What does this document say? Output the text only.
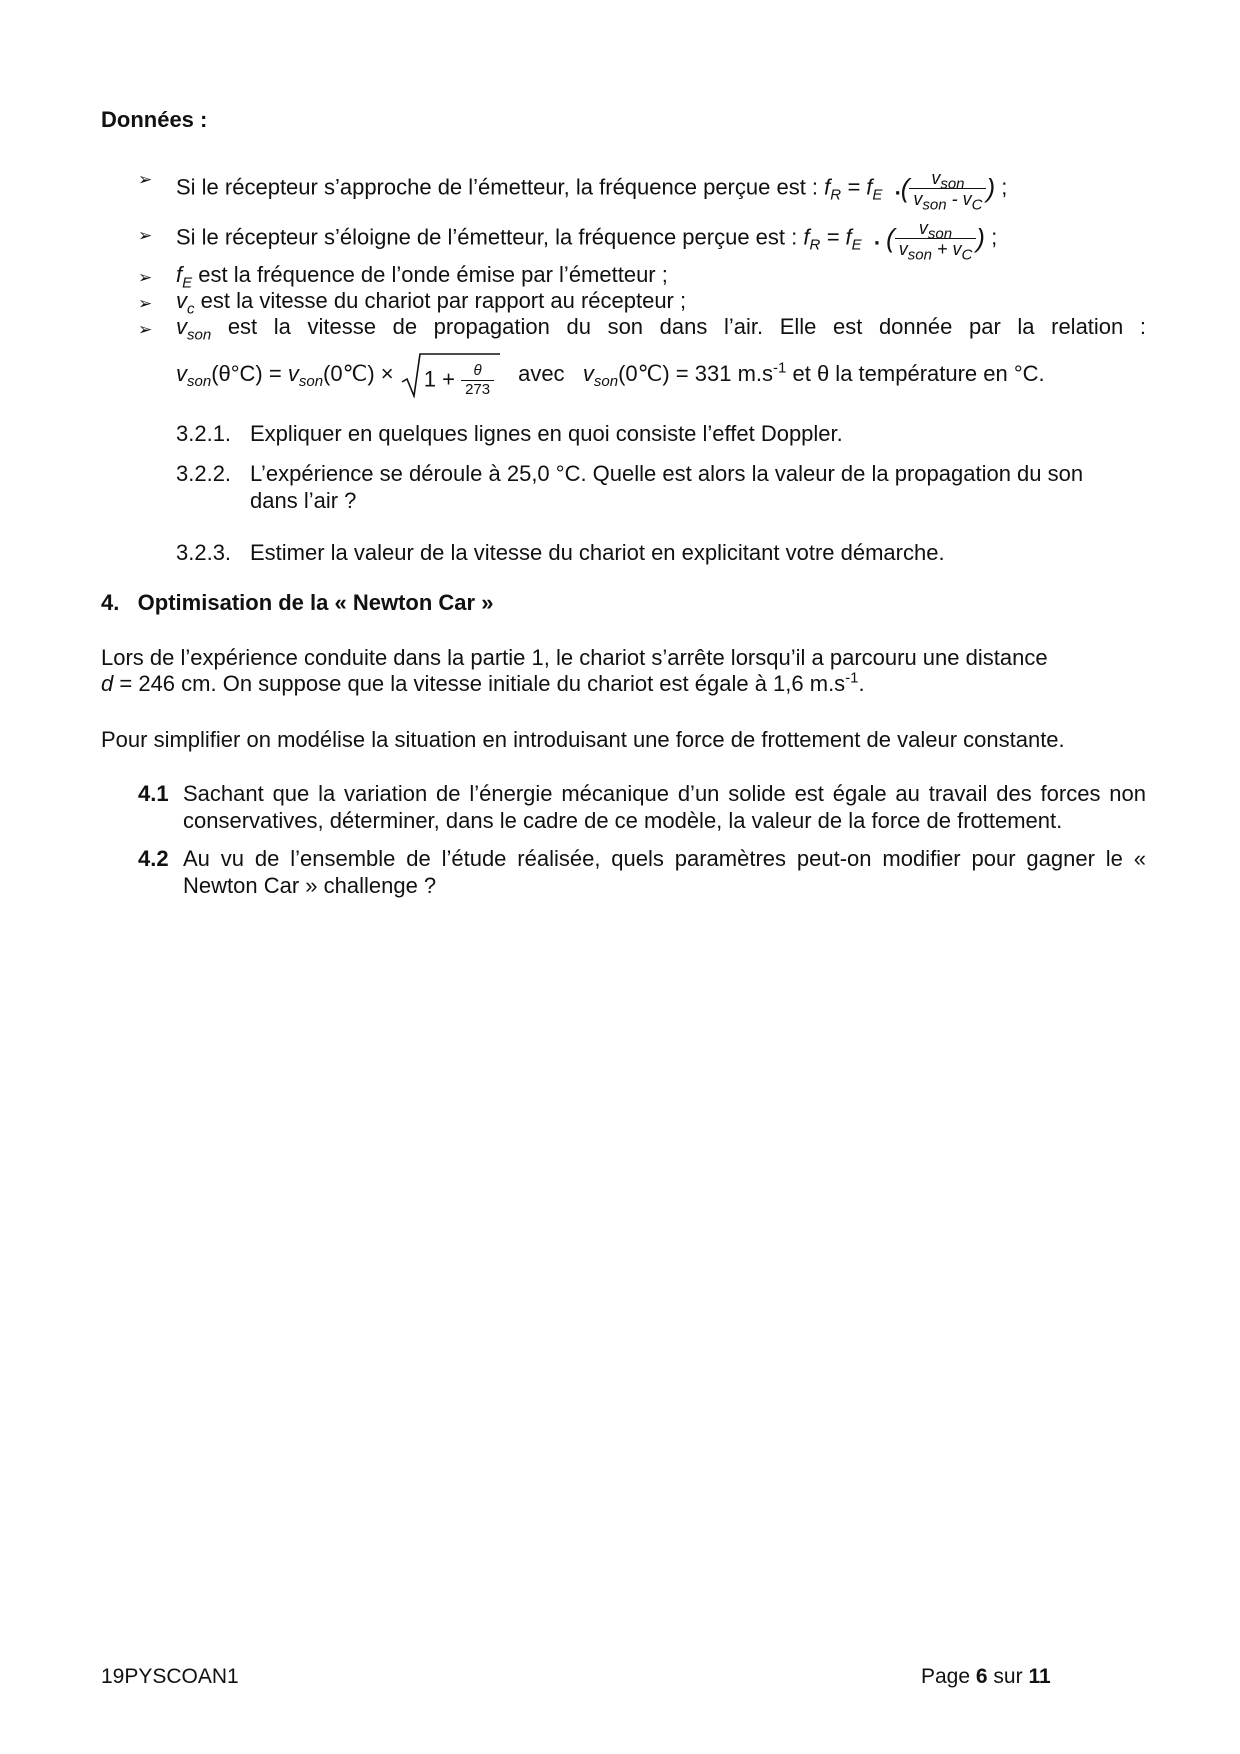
Données :
➢ Si le récepteur s’approche de l’émetteur, la fréquence perçue est : $f_R = f_E$  .( $\frac{v_{son}}{v_{son} - v_C}$ ) ;
➢ Si le récepteur s’éloigne de l’émetteur, la fréquence perçue est : $f_R = f_E$  . ( $\frac{v_{son}}{v_{son} + v_C}$ ) ;
➢ $f_E$ est la fréquence de l’onde émise par l’émetteur ;
➢ $v_c$ est la vitesse du chariot par rapport au récepteur ;
➢ $v_{son}$ est la vitesse de propagation du son dans l’air. Elle est donnée par la relation :
$v_{son}(\theta^\circ C)$ = $v_{son}(0℃) \times 1 + \frac{\theta}{273}$ avec $v_{son}(0℃) = 331$ $m.s^{-1}$ et θ la température en °C.
3.2.1. Expliquer en quelques lignes en quoi consiste l’effet Doppler.
3.2.2. L’expérience se déroule à 25,0 °C. Quelle est alors la valeur de la propagation du son dans l’air ?
3.2.3. Estimer la valeur de la vitesse du chariot en explicitant votre démarche.
4.   Optimisation de la « Newton Car »
Lors de l’expérience conduite dans la partie 1, le chariot s’arrête lorsqu’il a parcouru une distance
d = 246 cm. On suppose que la vitesse initiale du chariot est égale à 1,6 $m.s^{-1}$.
Pour simplifier on modélise la situation en introduisant une force de frottement de valeur constante.
4.1 Sachant que la variation de l’énergie mécanique d’un solide est égale au travail des forces non conservatives, déterminer, dans le cadre de ce modèle, la valeur de la force de frottement.
4.2 Au vu de l’ensemble de l’étude réalisée, quels paramètres peut-on modifier pour gagner le « Newton Car » challenge ?
19PYSCOAN1	Page 6 sur 11
